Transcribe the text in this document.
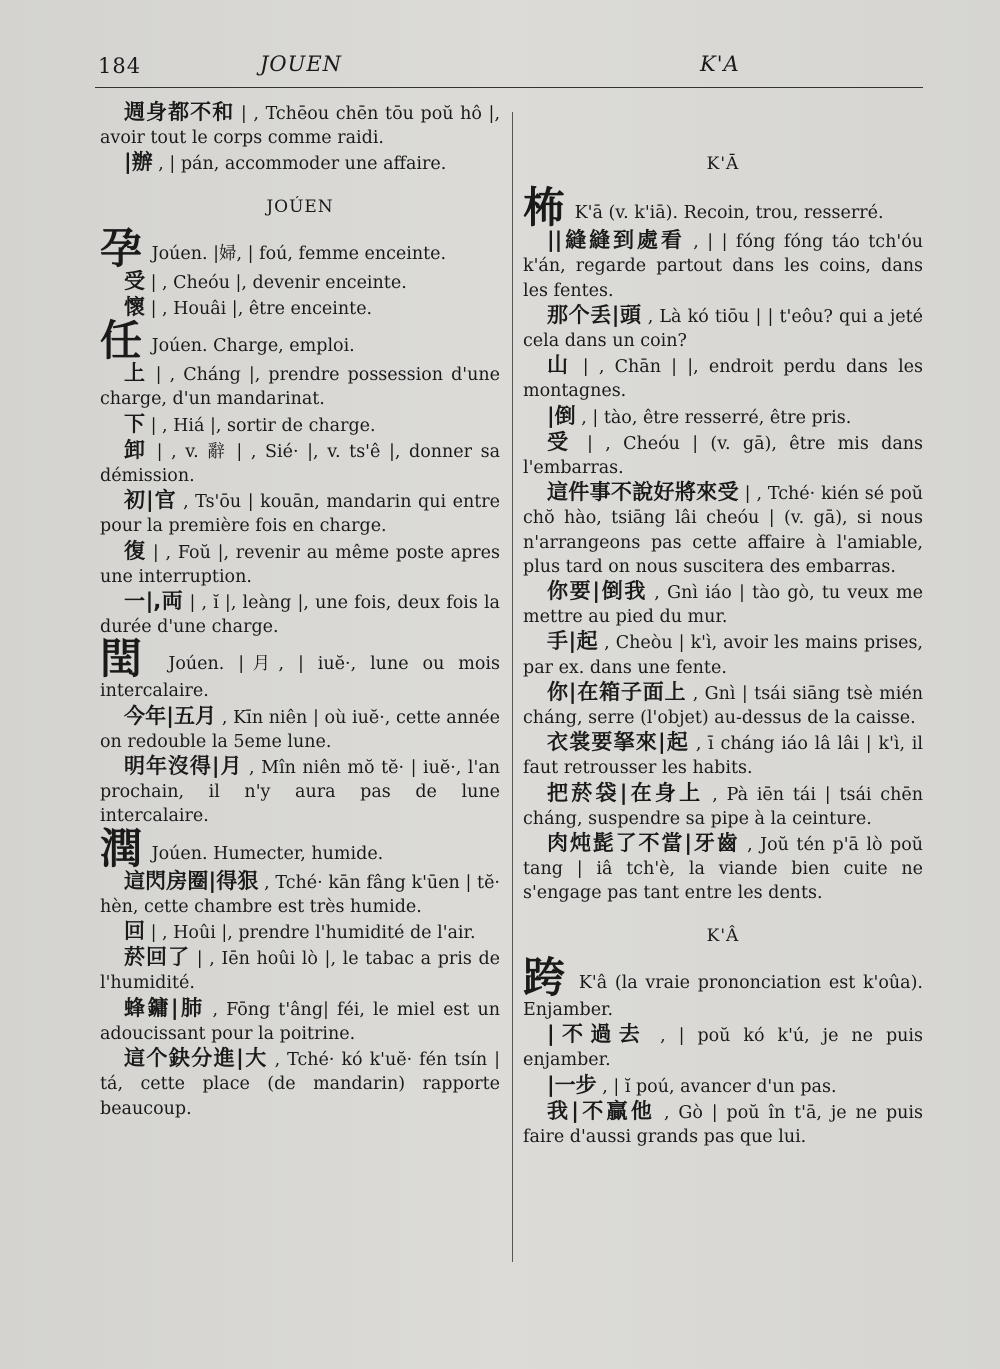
184	JOUEN	K'A
週身都不和 | , Tchēou chēn tōu poŭ hô |, avoir tout le corps comme raidi.
|辦 , | pán, accommoder une affaire.
JOÚEN
孕 Joúen. |婦, | foú, femme enceinte.
受 | , Cheóu |, devenir enceinte.
懷 | , Houâi |, être enceinte.
任 Joúen. Charge, emploi.
上 | , Cháng |, prendre possession d'une charge, d'un mandarinat.
下 | , Hiá |, sortir de charge.
卸 | , v. 辭 | , Sié· |, v. ts'ê |, donner sa démission.
初|官 , Ts'ōu | kouān, mandarin qui entre pour la première fois en charge.
復 | , Foŭ |, revenir au même poste apres une interruption.
一|,両 | , ĭ |, leàng |, une fois, deux fois la durée d'une charge.
閏 Joúen. |月, | iuĕ·, lune ou mois intercalaire.
今年|五月 , Kīn niên | où iuĕ·, cette année on redouble la 5eme lune.
明年沒得|月 , Mîn niên mŏ tĕ· | iuĕ·, l'an prochain, il n'y aura pas de lune intercalaire.
潤 Joúen. Humecter, humide.
這閃房圈|得狠 , Tché· kān fâng k'ūen | tĕ· hèn, cette chambre est très humide.
回 | , Hoûi |, prendre l'humidité de l'air.
菸回了 | , Iēn hoûi lò |, le tabac a pris de l'humidité.
蜂鏞|肺 , Fōng t'âng| féi, le miel est un adoucissant pour la poitrine.
這个鈌分進|大 , Tché· kó k'uĕ· fén tsín | tá, cette place (de mandarin) rapporte beaucoup.
K'Ā
柨 K'ā (v. k'iā). Recoin, trou, resserré.
||縫縫到處看 , | | fóng fóng táo tch'óu k'án, regarde partout dans les coins, dans les fentes.
那个丢|頭 , Là kó tiōu | | t'eôu? qui a jeté cela dans un coin?
山 | , Chān | |, endroit perdu dans les montagnes.
|倒 , | tào, être resserré, être pris.
受 | , Cheóu | (v. gā), être mis dans l'embarras.
這件事不說好將來受 | , Tché· kién sé poŭ chŏ hào, tsiāng lâi cheóu | (v. gā), si nous n'arrangeons pas cette affaire à l'amiable, plus tard on nous suscitera des embarras.
你要|倒我 , Gnì iáo | tào gò, tu veux me mettre au pied du mur.
手|起 , Cheòu | k'ì, avoir les mains prises, par ex. dans une fente.
你|在箱子面上 , Gnì | tsái siāng tsè mién cháng, serre (l'objet) au-dessus de la caisse.
衣裳要拏來|起 , ī cháng iáo lâ lâi | k'ì, il faut retrousser les habits.
把菸袋|在身上 , Pà iēn tái | tsái chēn cháng, suspendre sa pipe à la ceinture.
肉炖髭了不當|牙齒 , Joŭ tén p'ā lò poŭ tang | iâ tch'è, la viande bien cuite ne s'engage pas tant entre les dents.
K'Â
跨 K'â (la vraie prononciation est k'oûa). Enjamber.
|不過去 , | poŭ kó k'ú, je ne puis enjamber.
|一步 , | ĭ poú, avancer d'un pas.
我|不贏他 , Gò | poŭ în t'ā, je ne puis faire d'aussi grands pas que lui.
